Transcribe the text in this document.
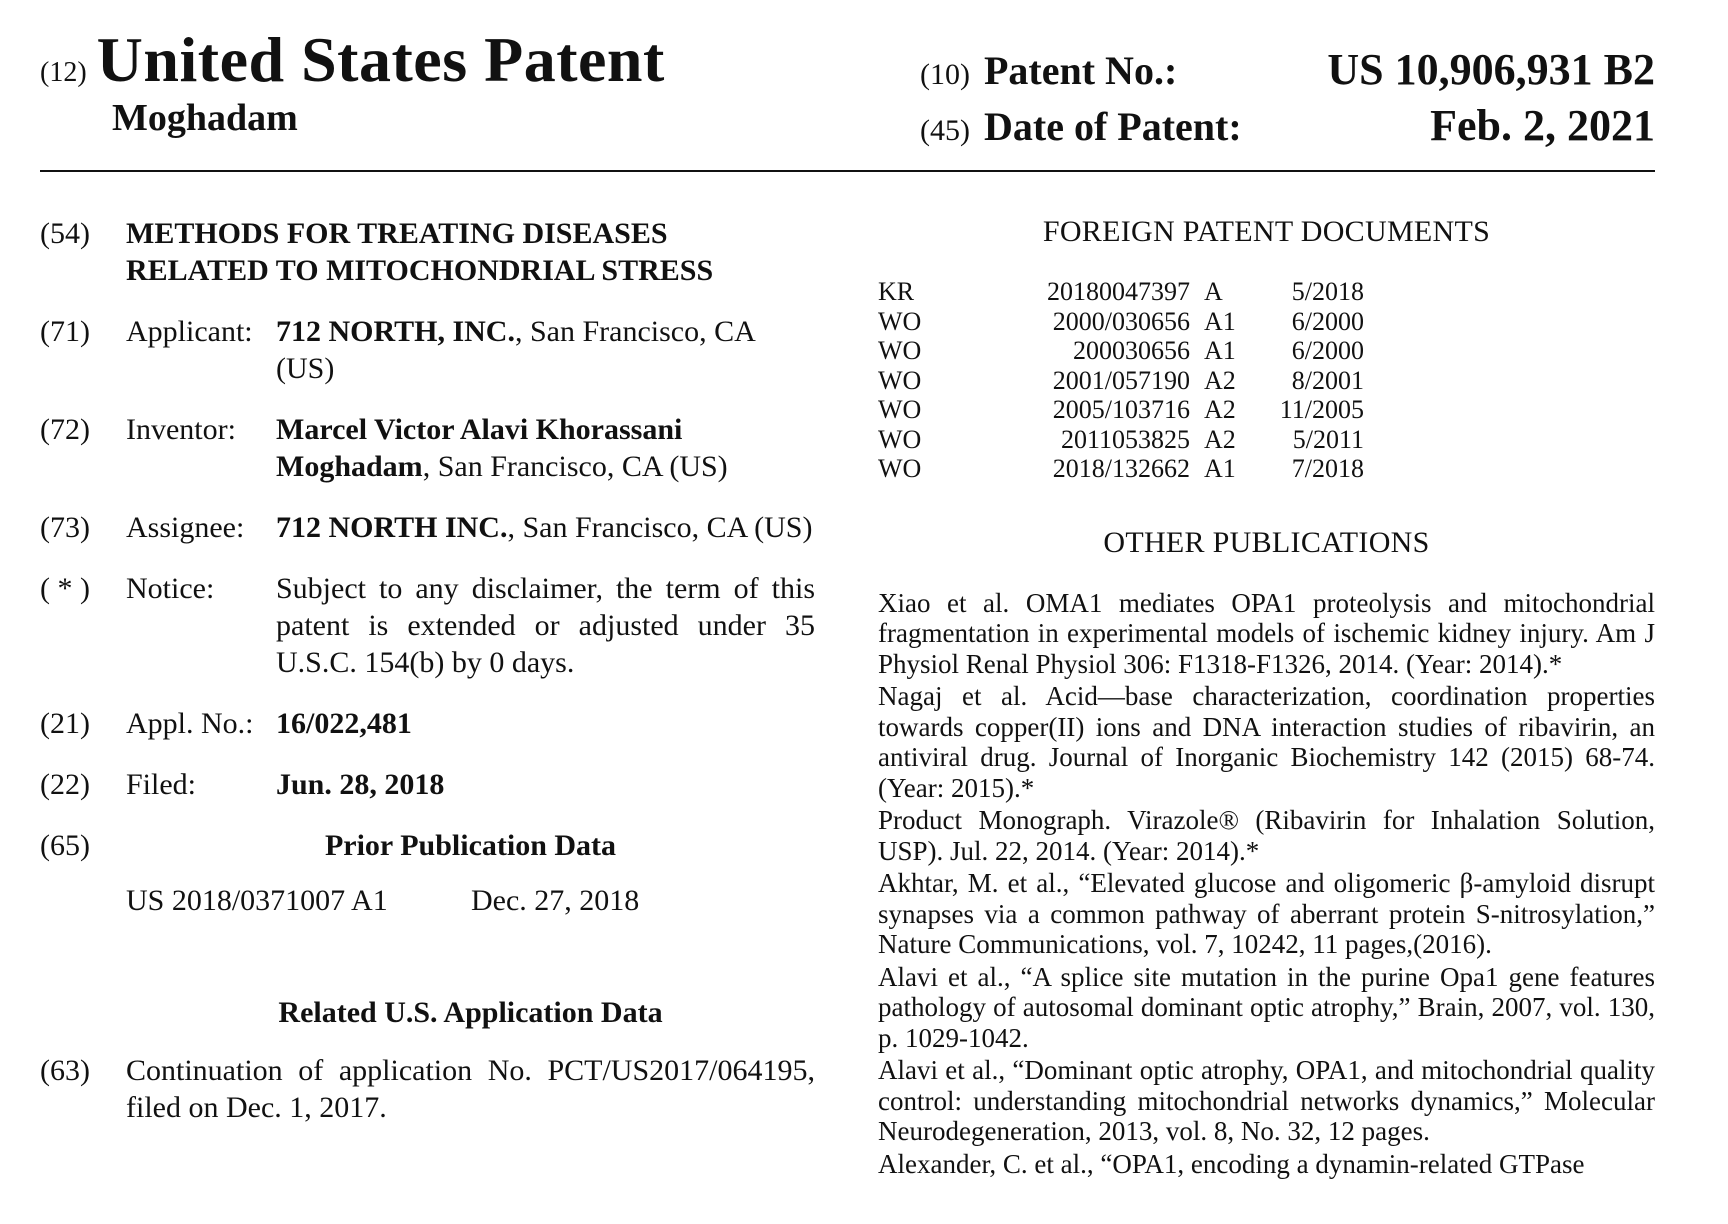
(12) United States Patent
Moghadam
(10) Patent No.:	US 10,906,931 B2
(45) Date of Patent:	Feb. 2, 2021
(54)	METHODS FOR TREATING DISEASES RELATED TO MITOCHONDRIAL STRESS
(71)	Applicant: 712 NORTH, INC., San Francisco, CA (US)
(72)	Inventor:	Marcel Victor Alavi Khorassani Moghadam, San Francisco, CA (US)
(73)	Assignee:	712 NORTH INC., San Francisco, CA (US)
( * )	Notice:	Subject to any disclaimer, the term of this patent is extended or adjusted under 35 U.S.C. 154(b) by 0 days.
(21)	Appl. No.: 16/022,481
(22)	Filed:	Jun. 28, 2018
(65)	Prior Publication Data
US 2018/0371007 A1	Dec. 27, 2018
Related U.S. Application Data
(63)	Continuation of application No. PCT/US2017/064195, filed on Dec. 1, 2017.
FOREIGN PATENT DOCUMENTS
KR	20180047397 A	5/2018
WO	2000/030656 A1	6/2000
WO	200030656 A1	6/2000
WO	2001/057190 A2	8/2001
WO	2005/103716 A2	11/2005
WO	2011053825 A2	5/2011
WO	2018/132662 A1	7/2018
OTHER PUBLICATIONS

Xiao et al. OMA1 mediates OPA1 proteolysis and mitochondrial fragmentation in experimental models of ischemic kidney injury. Am J Physiol Renal Physiol 306: F1318-F1326, 2014. (Year: 2014).*

Nagaj et al. Acid—base characterization, coordination properties towards copper(II) ions and DNA interaction studies of ribavirin, an antiviral drug. Journal of Inorganic Biochemistry 142 (2015) 68-74. (Year: 2015).*

Product Monograph. Virazole® (Ribavirin for Inhalation Solution, USP). Jul. 22, 2014. (Year: 2014).*

Akhtar, M. et al., “Elevated glucose and oligomeric β-amyloid disrupt synapses via a common pathway of aberrant protein S-nitrosylation,” Nature Communications, vol. 7, 10242, 11 pages,(2016).

Alavi et al., “A splice site mutation in the purine Opa1 gene features pathology of autosomal dominant optic atrophy,” Brain, 2007, vol. 130, p. 1029-1042.

Alavi et al., “Dominant optic atrophy, OPA1, and mitochondrial quality control: understanding mitochondrial networks dynamics,” Molecular Neurodegeneration, 2013, vol. 8, No. 32, 12 pages.

Alexander, C. et al., “OPA1, encoding a dynamin-related GTPase
